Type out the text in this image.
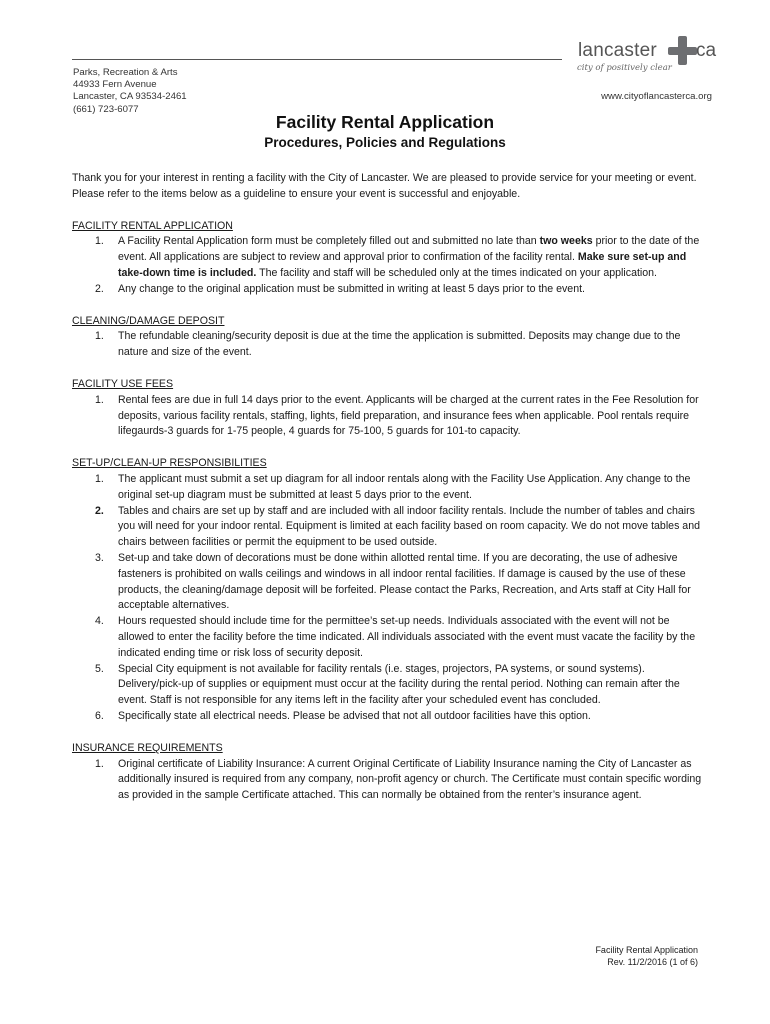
Parks, Recreation & Arts
44933 Fern Avenue
Lancaster, CA 93534-2461
(661) 723-6077
lancaster ca
city of positively clear
www.cityoflancasterca.org
Facility Rental Application
Procedures, Policies and Regulations

Thank you for your interest in renting a facility with the City of Lancaster. We are pleased to provide service for your meeting or event. Please refer to the items below as a guideline to ensure your event is successful and enjoyable.

FACILITY RENTAL APPLICATION

1. A Facility Rental Application form must be completely filled out and submitted no late than two weeks prior to the date of the event. All applications are subject to review and approval prior to confirmation of the facility rental. Make sure set-up and take-down time is included. The facility and staff will be scheduled only at the times indicated on your application.
2. Any change to the original application must be submitted in writing at least 5 days prior to the event.

CLEANING/DAMAGE DEPOSIT

1. The refundable cleaning/security deposit is due at the time the application is submitted. Deposits may change due to the nature and size of the event.

FACILITY USE FEES

1. Rental fees are due in full 14 days prior to the event. Applicants will be charged at the current rates in the Fee Resolution for deposits, various facility rentals, staffing, lights, field preparation, and insurance fees when applicable. Pool rentals require lifegaurds-3 guards for 1-75 people, 4 guards for 75-100, 5 guards for 101-to capacity.

SET-UP/CLEAN-UP RESPONSIBILITIES

1. The applicant must submit a set up diagram for all indoor rentals along with the Facility Use Application. Any change to the original set-up diagram must be submitted at least 5 days prior to the event.
2. Tables and chairs are set up by staff and are included with all indoor facility rentals. Include the number of tables and chairs you will need for your indoor rental. Equipment is limited at each facility based on room capacity. We do not move tables and chairs between facilities or permit the equipment to be used outside.
3. Set-up and take down of decorations must be done within allotted rental time. If you are decorating, the use of adhesive fasteners is prohibited on walls ceilings and windows in all indoor rental facilities. If damage is caused by the use of these products, the cleaning/damage deposit will be forfeited. Please contact the Parks, Recreation, and Arts staff at City Hall for acceptable alternatives.
4. Hours requested should include time for the permittee’s set-up needs. Individuals associated with the event will not be allowed to enter the facility before the time indicated. All individuals associated with the event must vacate the facility by the indicated ending time or risk loss of security deposit.
5. Special City equipment is not available for facility rentals (i.e. stages, projectors, PA systems, or sound systems). Delivery/pick-up of supplies or equipment must occur at the facility during the rental period. Nothing can remain after the event. Staff is not responsible for any items left in the facility after your scheduled event has concluded.
6. Specifically state all electrical needs. Please be advised that not all outdoor facilities have this option.

INSURANCE REQUIREMENTS

1. Original certificate of Liability Insurance: A current Original Certificate of Liability Insurance naming the City of Lancaster as additionally insured is required from any company, non-profit agency or church. The Certificate must contain specific wording as provided in the sample Certificate attached. This can normally be obtained from the renter’s insurance agent.
Facility Rental Application
Rev. 11/2/2016 (1 of 6)
